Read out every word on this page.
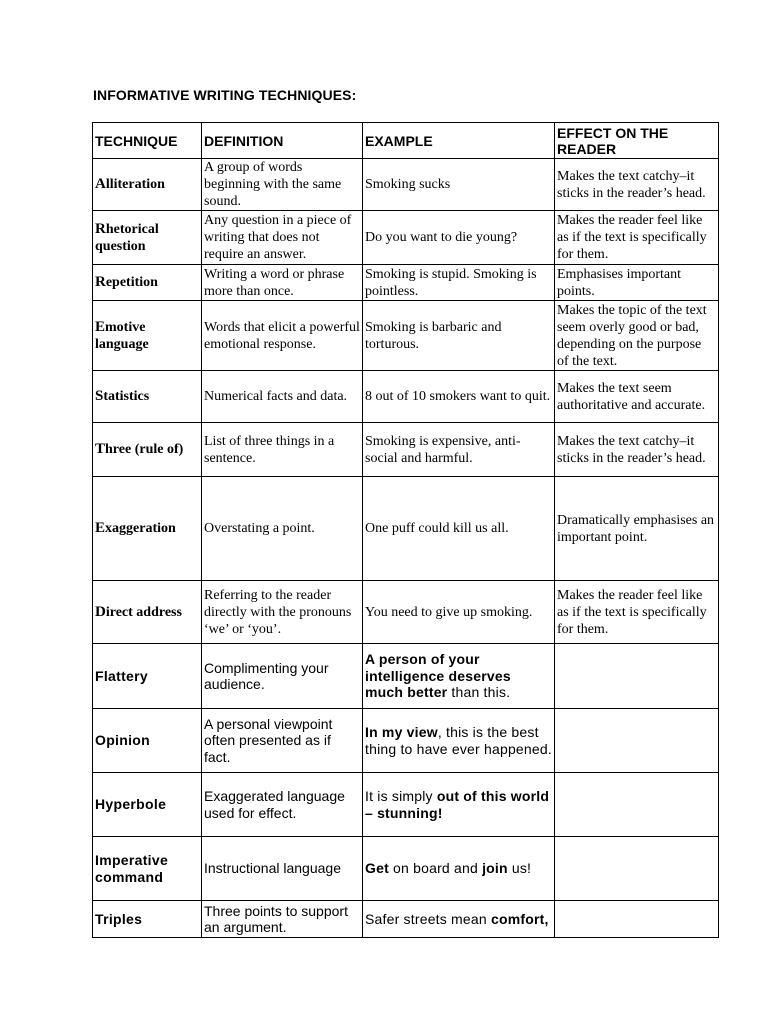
INFORMATIVE WRITING TECHNIQUES:
TECHNIQUE	DEFINITION	EXAMPLE	EFFECT ON THE READER
Alliteration	A group of words beginning with the same sound.	Smoking sucks	Makes the text catchy–it sticks in the reader’s head.
Rhetorical question	Any question in a piece of writing that does not require an answer.	Do you want to die young?	Makes the reader feel like as if the text is specifically for them.
Repetition	Writing a word or phrase more than once.	Smoking is stupid. Smoking is pointless.	Emphasises important points.
Emotive language	Words that elicit a powerful emotional response.	Smoking is barbaric and torturous.	Makes the topic of the text seem overly good or bad, depending on the purpose of the text.
Statistics	Numerical facts and data.	8 out of 10 smokers want to quit.	Makes the text seem authoritative and accurate.
Three (rule of)	List of three things in a sentence.	Smoking is expensive, anti-social and harmful.	Makes the text catchy–it sticks in the reader’s head.
Exaggeration	Overstating a point.	One puff could kill us all.	Dramatically emphasises an important point.
Direct address	Referring to the reader directly with the pronouns ‘we’ or ‘you’.	You need to give up smoking.	Makes the reader feel like as if the text is specifically for them.
Flattery	Complimenting your audience.	A person of your intelligence deserves much better than this.	
Opinion	A personal viewpoint often presented as if fact.	In my view, this is the best thing to have ever happened.	
Hyperbole	Exaggerated language used for effect.	It is simply out of this world – stunning!	
Imperative command	Instructional language	Get on board and join us!	
Triples	Three points to support an argument.	Safer streets mean comfort,	
